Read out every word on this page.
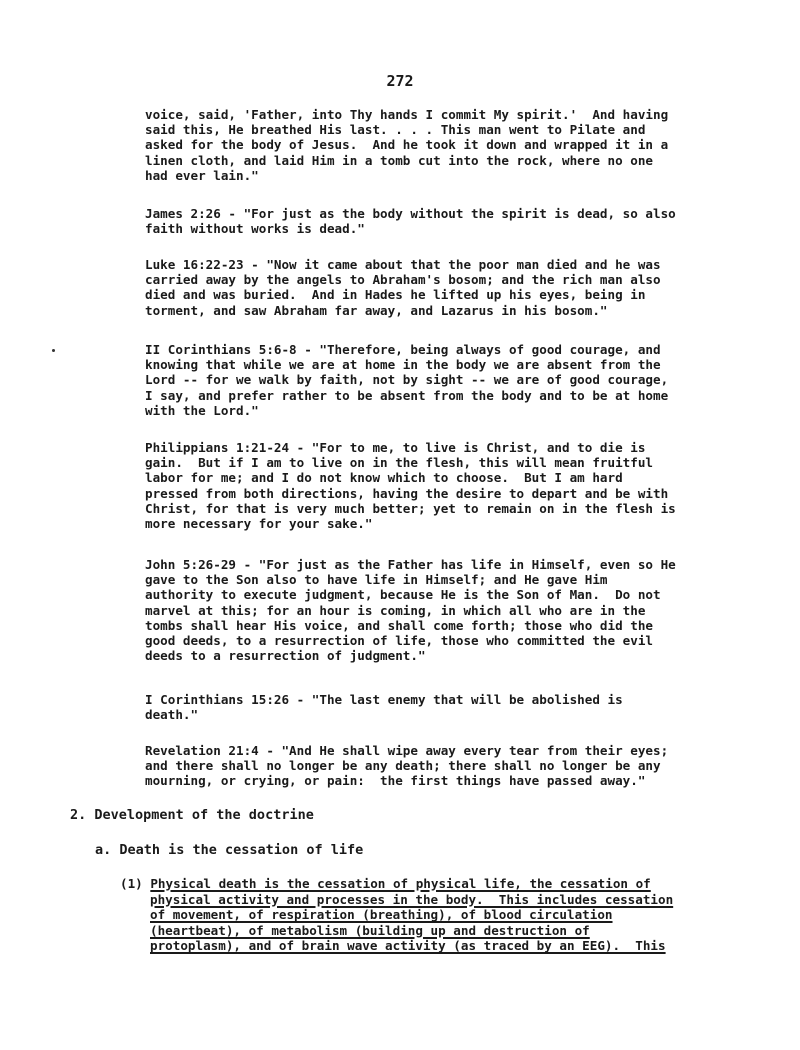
272
voice, said, 'Father, into Thy hands I commit My spirit.'  And having
said this, He breathed His last. . . . This man went to Pilate and
asked for the body of Jesus.  And he took it down and wrapped it in a
linen cloth, and laid Him in a tomb cut into the rock, where no one
had ever lain."
James 2:26 - "For just as the body without the spirit is dead, so also
faith without works is dead."
Luke 16:22-23 - "Now it came about that the poor man died and he was
carried away by the angels to Abraham's bosom; and the rich man also
died and was buried.  And in Hades he lifted up his eyes, being in
torment, and saw Abraham far away, and Lazarus in his bosom."
II Corinthians 5:6-8 - "Therefore, being always of good courage, and
knowing that while we are at home in the body we are absent from the
Lord -- for we walk by faith, not by sight -- we are of good courage,
I say, and prefer rather to be absent from the body and to be at home
with the Lord."
Philippians 1:21-24 - "For to me, to live is Christ, and to die is
gain.  But if I am to live on in the flesh, this will mean fruitful
labor for me; and I do not know which to choose.  But I am hard
pressed from both directions, having the desire to depart and be with
Christ, for that is very much better; yet to remain on in the flesh is
more necessary for your sake."
John 5:26-29 - "For just as the Father has life in Himself, even so He
gave to the Son also to have life in Himself; and He gave Him
authority to execute judgment, because He is the Son of Man.  Do not
marvel at this; for an hour is coming, in which all who are in the
tombs shall hear His voice, and shall come forth; those who did the
good deeds, to a resurrection of life, those who committed the evil
deeds to a resurrection of judgment."
I Corinthians 15:26 - "The last enemy that will be abolished is
death."
Revelation 21:4 - "And He shall wipe away every tear from their eyes;
and there shall no longer be any death; there shall no longer be any
mourning, or crying, or pain:  the first things have passed away."
2. Development of the doctrine
a. Death is the cessation of life
(1) Physical death is the cessation of physical life, the cessation of
physical activity and processes in the body.  This includes cessation
of movement, of respiration (breathing), of blood circulation
(heartbeat), of metabolism (building up and destruction of
protoplasm), and of brain wave activity (as traced by an EEG).  This
